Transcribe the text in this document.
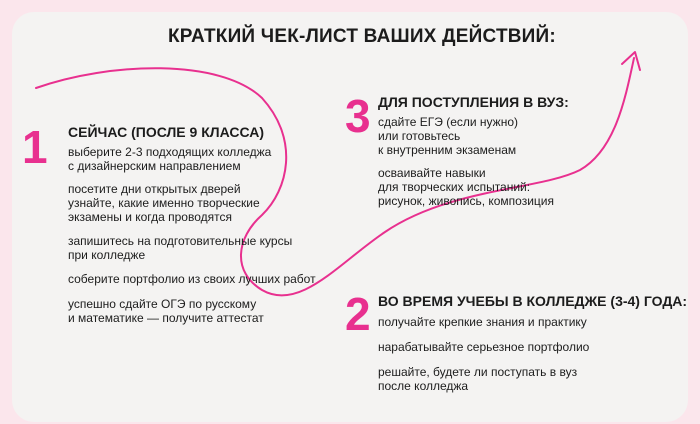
КРАТКИЙ ЧЕК-ЛИСТ ВАШИХ ДЕЙСТВИЙ:
1 СЕЙЧАС (ПОСЛЕ 9 КЛАССА)
выберите 2-3 подходящих колледжа
с дизайнерским направлением
посетите дни открытых дверей
узнайте, какие именно творческие
экзамены и когда проводятся
запишитесь на подготовительные курсы
при колледже
соберите портфолио из своих лучших работ
успешно сдайте ОГЭ по русскому
и математике — получите аттестат
3 ДЛЯ ПОСТУПЛЕНИЯ В ВУЗ:
сдайте ЕГЭ (если нужно)
или готовьтесь
к внутренним экзаменам
осваивайте навыки
для творческих испытаний:
рисунок, живопись, композиция
2 ВО ВРЕМЯ УЧЕБЫ В КОЛЛЕДЖЕ (3-4) ГОДА:
получайте крепкие знания и практику
нарабатывайте серьезное портфолио
решайте, будете ли поступать в вуз
после колледжа
